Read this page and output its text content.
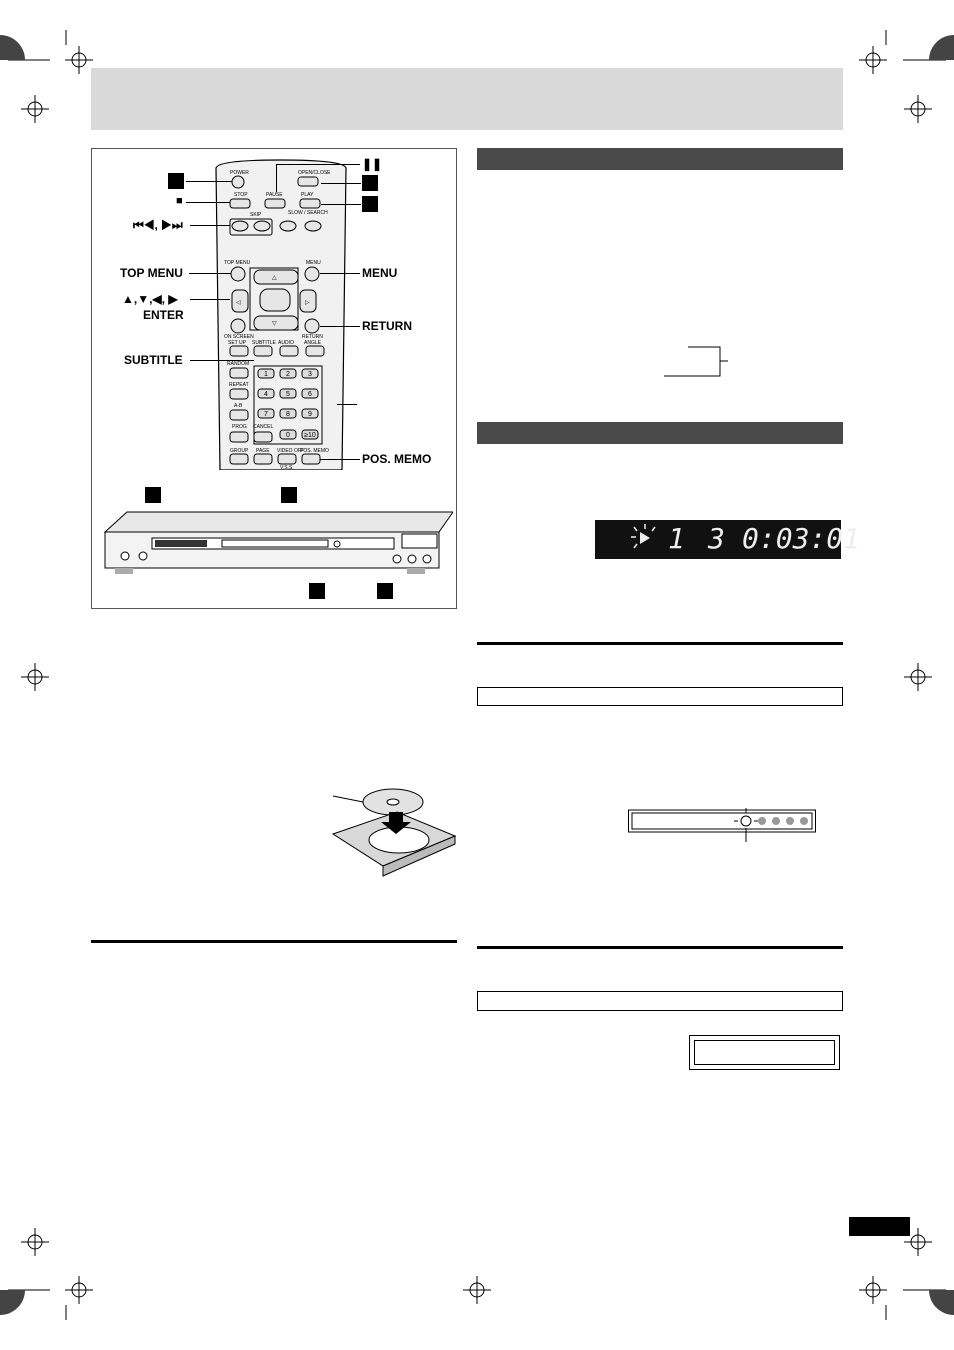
POWER	OPEN/CLOSE
STOP	PAUSE	PLAY
SKIP	SLOW / SEARCH
TOP MENU	MENU
ON SCREEN	RETURN
SET UP SUBTITLE AUDIO ANGLE
RANDOM
REPEAT
A-B
PROG CANCEL
GROUP PAGE VIDEO OFF
POS. MEMO
V.S.S.
1	2	3
4	5	6
7	8	9
0 ≥10
△
▽
◁	▷
❚❚
■
⏮◀, ▶⏭
TOP MENU	MENU
▲,▼,◀, ▶
ENTER
RETURN
SUBTITLE
POS. MEMO
1 3 0:03:01
